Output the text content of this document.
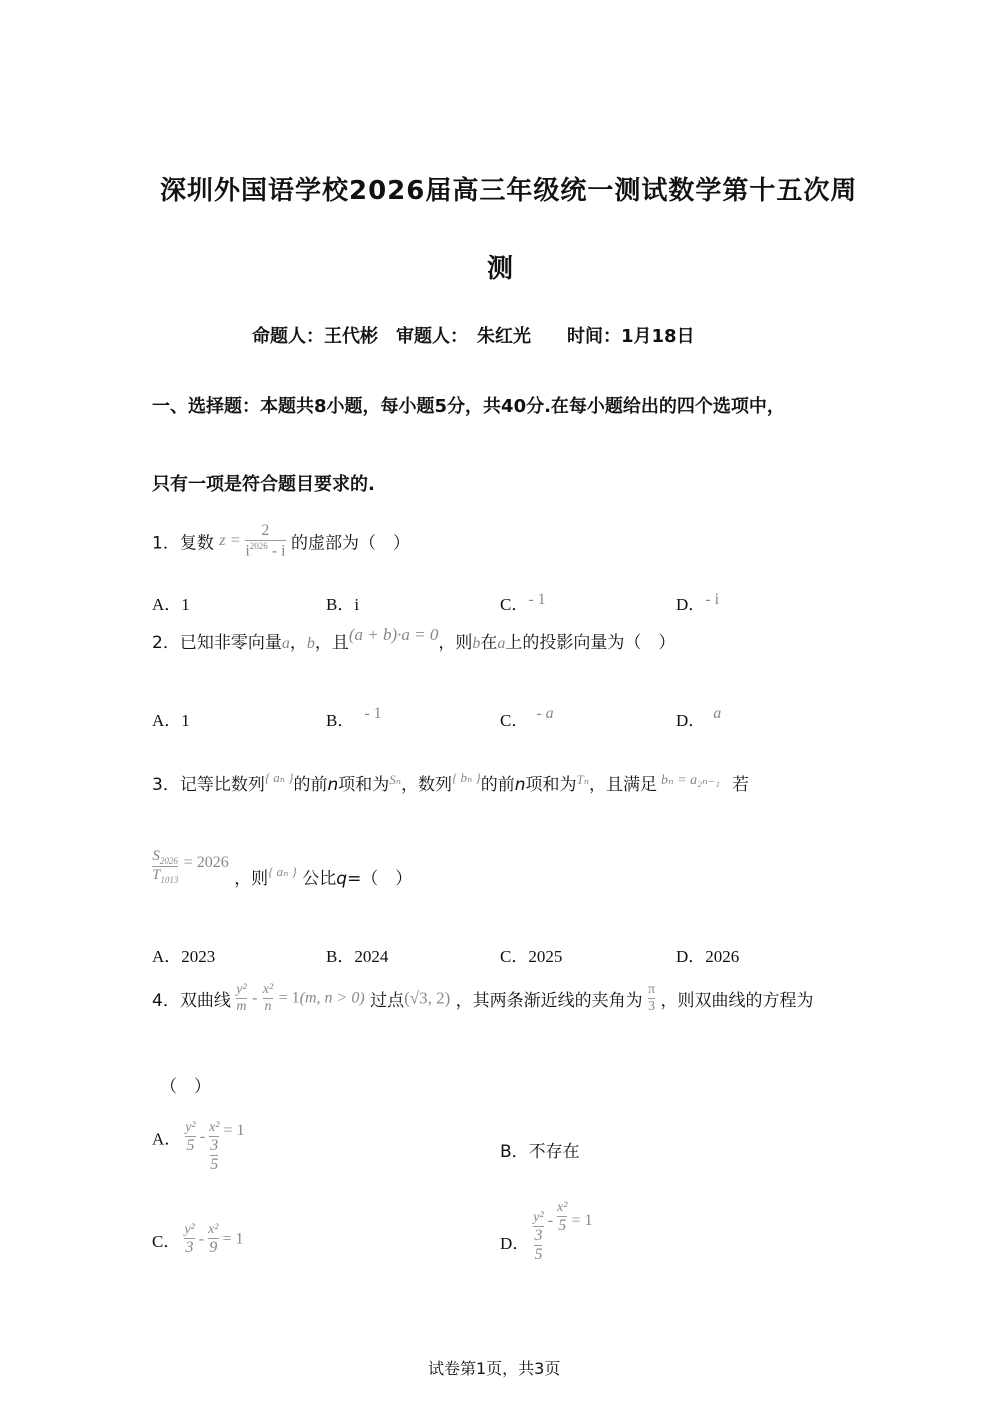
深圳外国语学校2026届高三年级统一测试数学第十五次周
测
命题人：王代彬　审题人：　朱红光　　时间：1月18日
一、选择题：本题共8小题，每小题5分，共40分.在每小题给出的四个选项中，
只有一项是符合题目要求的.
1．复数 $z = \frac{2}{i^{2026} - i}$ 的虚部为（　）
A．1	B．i	C．- 1	D．- i
2．已知非零向量a，b，且(a + b)·a = 0，则b在a上的投影向量为（　）
A．1	B． - 1	C． - a	D． a
3．记等比数列$^{\{ a_n \}}$的前n项和为$^{S_n}$，数列$^{\{ b_n \}}$的前n项和为$^{T_n}$，且满足 $^{b_n = a_{2n-1}}$ 若
$\frac{S_{2026}}{T_{1013}} = 2026$ ，则$^{\{ a_n \}}$ 公比q=（　）
A．2023	B．2024	C．2025	D．2026
4．双曲线 $\frac{\text{y²}}{m} - \frac{\text{x²}}{n} = 1(m$, n > 0) 过点(√3, 2) ，其两条渐近线的夹角为 $\frac{\pi}{3}$ ，则双曲线的方程为
（　）
A． $\frac{\text{y²}}{5} - \frac{\text{x²}}{\frac{3}{5}} = 1$
B．不存在
C． $\frac{\text{y²}}{3} - \frac{\text{x²}}{9} = 1$	D． $\frac{\text{y²}}{\frac{3}{5}} - \frac{\text{x²}}{5} = 1$
试卷第1页，共3页
